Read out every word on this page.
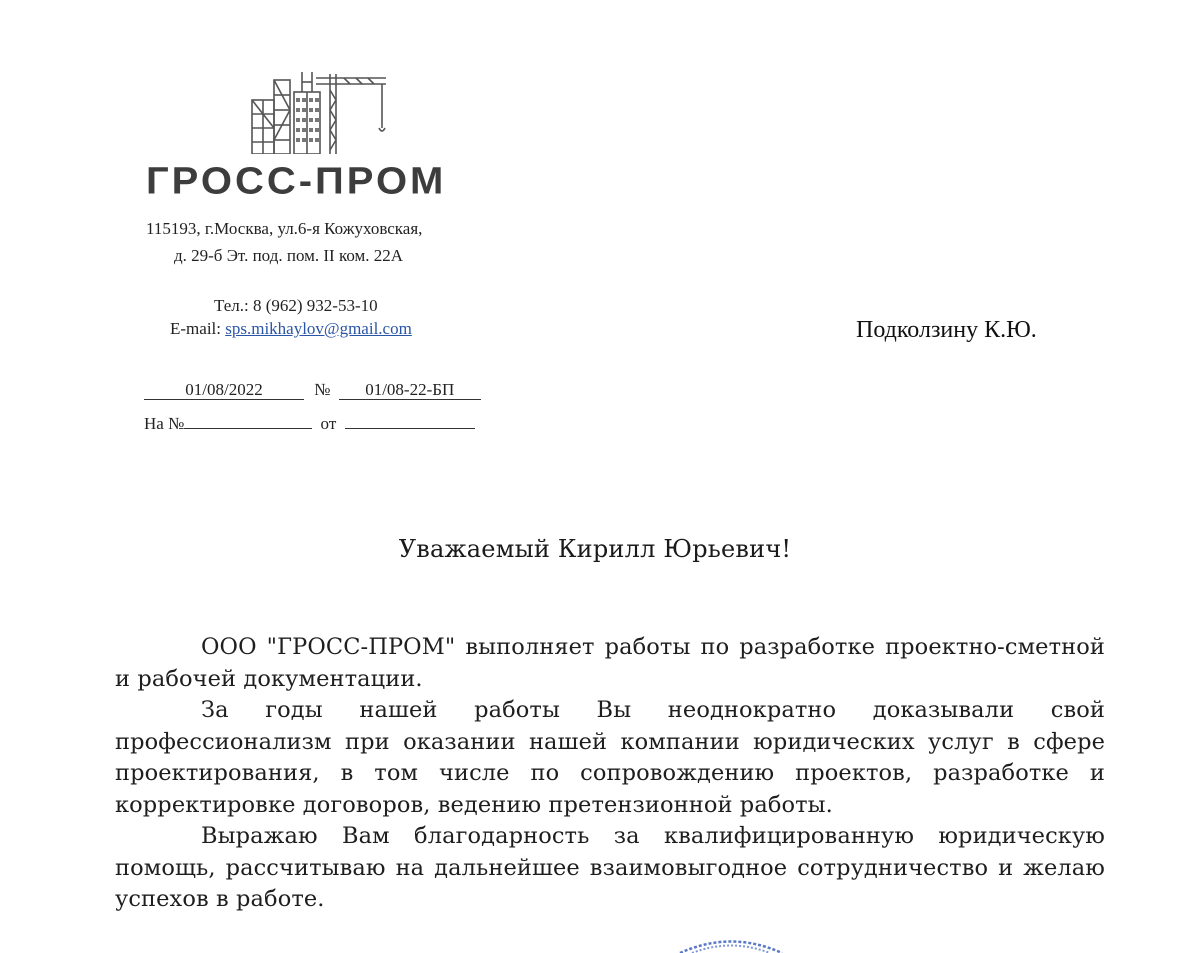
ГРОСС-ПРОМ
115193, г.Москва, ул.6-я Кожуховская,
д. 29-б Эт. под. пом. II ком. 22А
Тел.: 8 (962) 932-53-10
E-mail: sps.mikhaylov@gmail.com
01/08/2022	№ 01/08-22-БП
На №	от
Подколзину К.Ю.
Уважаемый Кирилл Юрьевич!

ООО "ГРОСС-ПРОМ" выполняет работы по разработке проектно-сметной и рабочей документации.

За годы нашей работы Вы неоднократно доказывали свой профессионализм при оказании нашей компании юридических услуг в сфере проектирования, в том числе по сопровождению проектов, разработке и корректировке договоров, ведению претензионной работы.

Выражаю Вам благодарность за квалифицированную юридическую помощь, рассчитываю на дальнейшее взаимовыгодное сотрудничество и желаю успехов в работе.
